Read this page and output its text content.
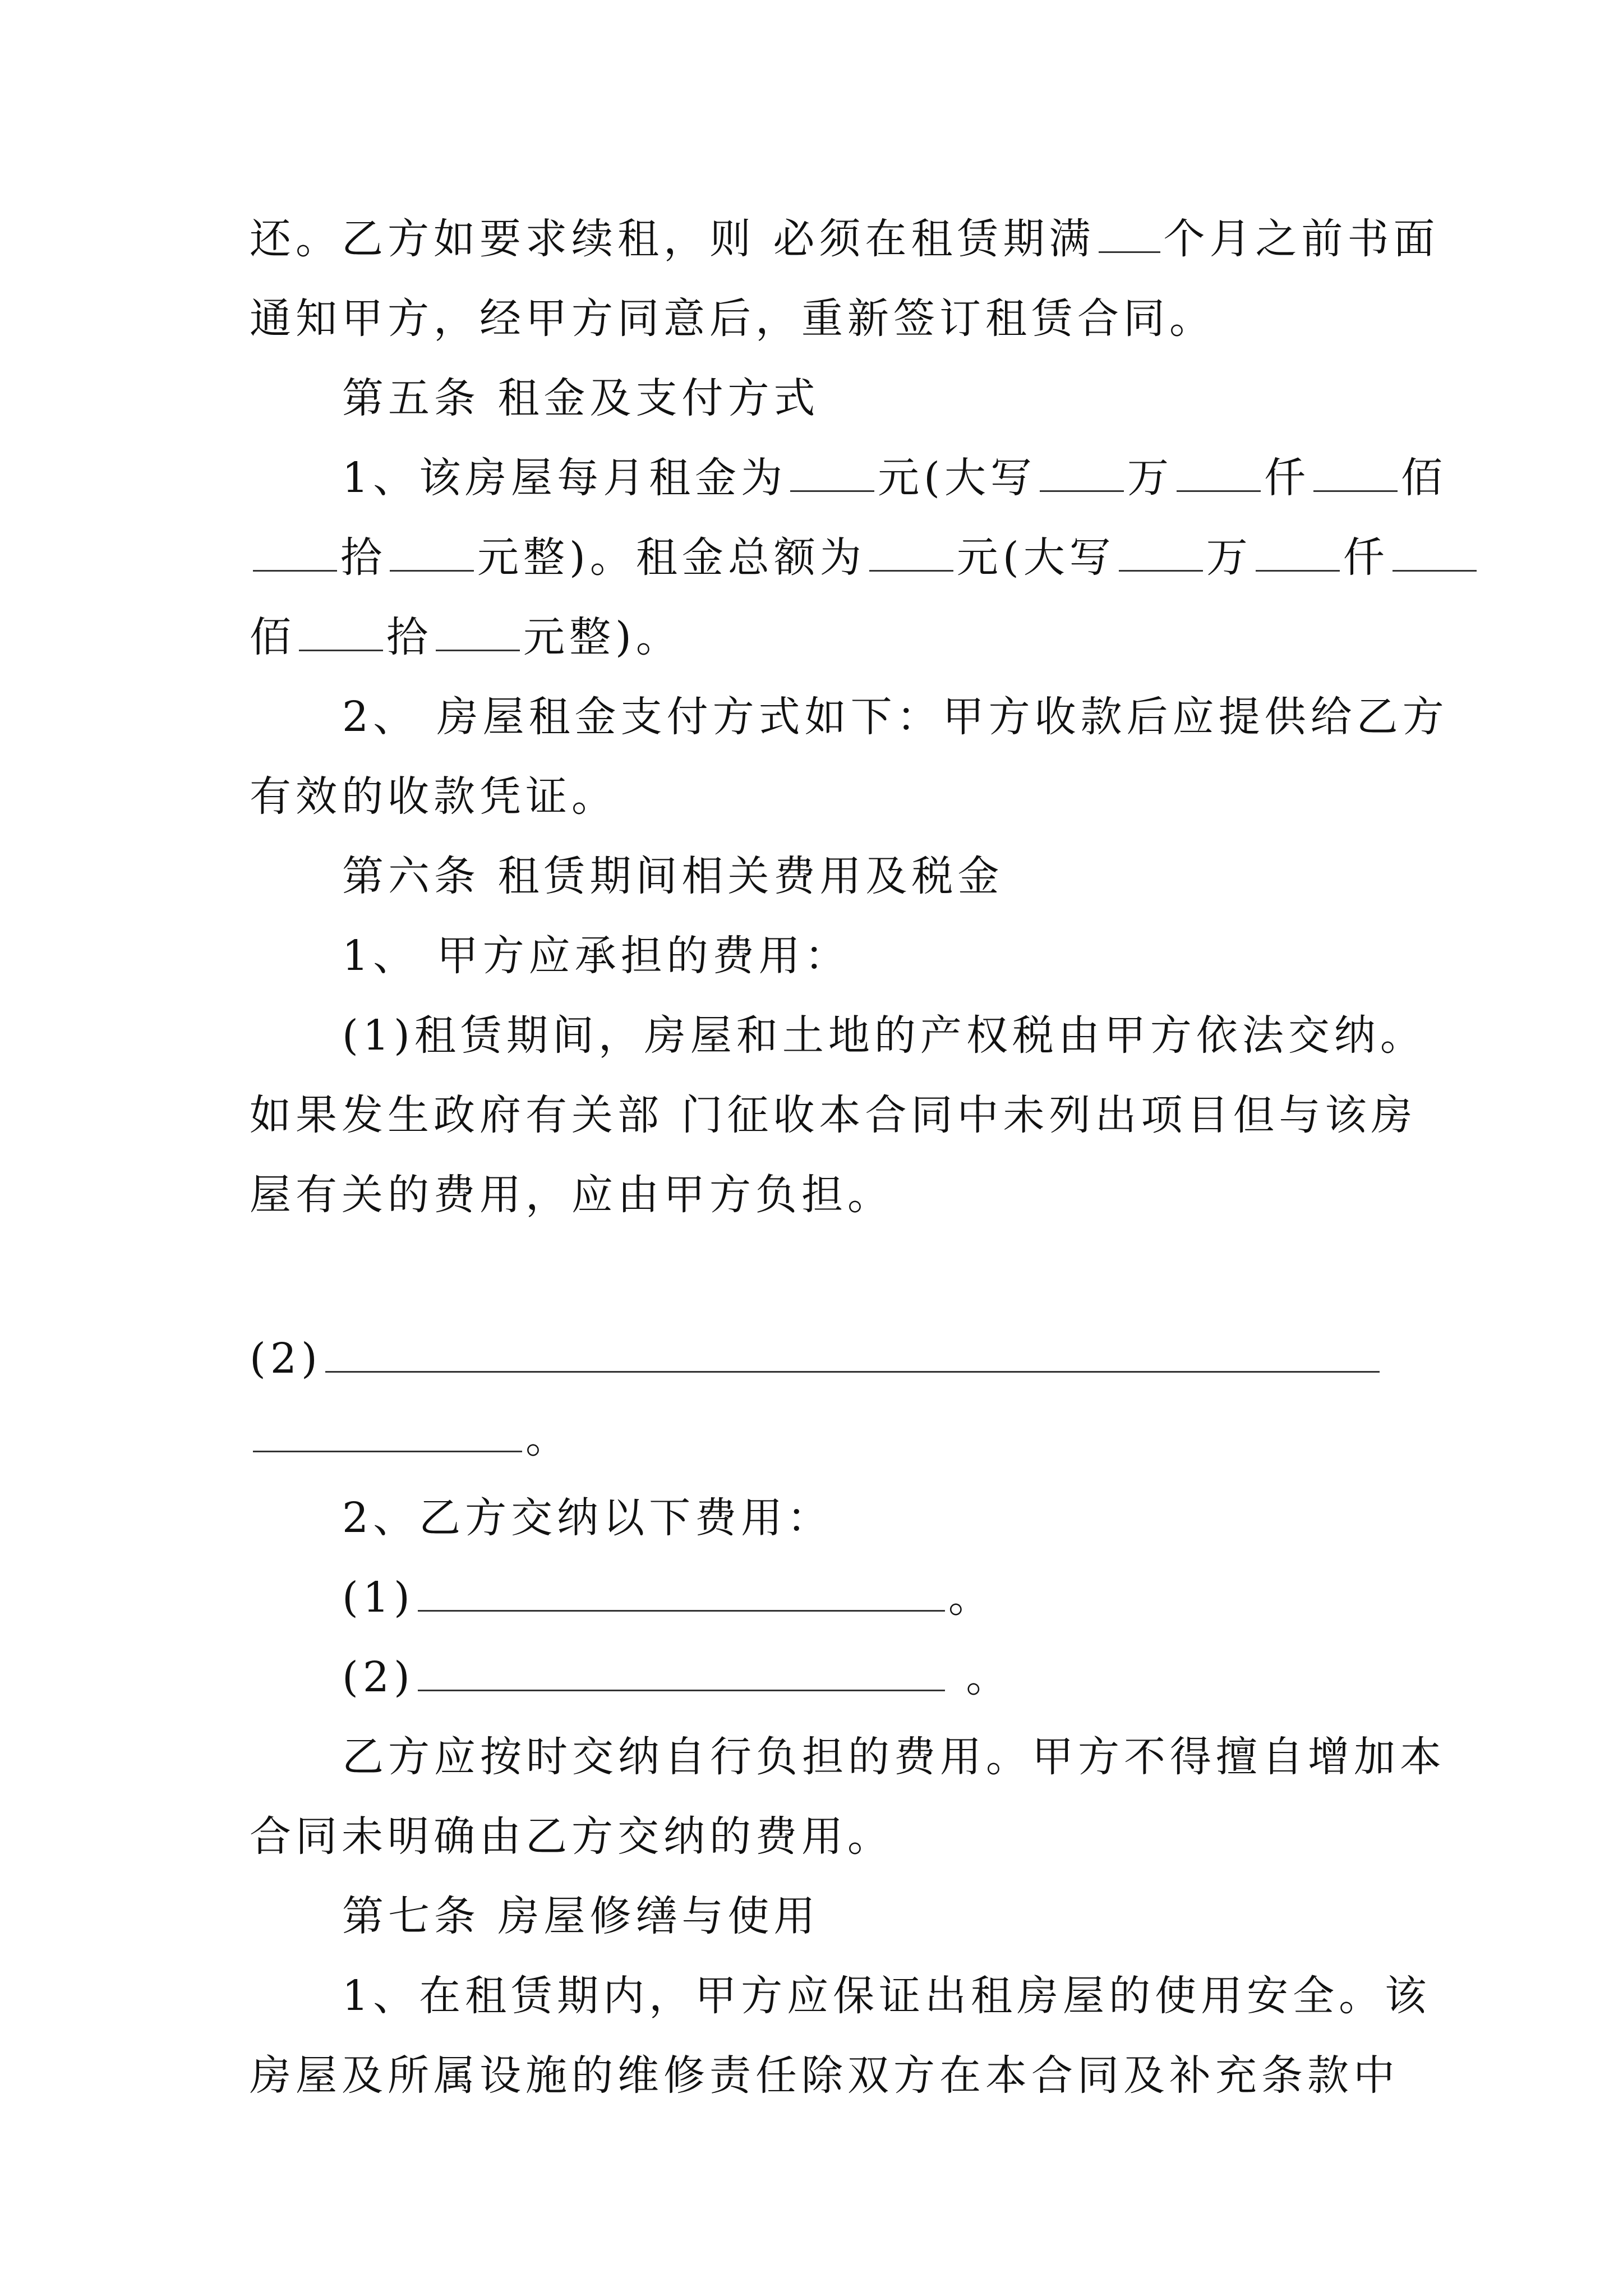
还。乙方如要求续租，则 必须在租赁期满 个月之前书面
通知甲方，经甲方同意后，重新签订租赁合同。
第五条 租金及支付方式
1、该房屋每月租金为 元(大写 万 仟 佰
拾 元整)。租金总额为 元(大写 万 仟
佰 拾 元整)。
2、 房屋租金支付方式如下：甲方收款后应提供给乙方
有效的收款凭证。
第六条 租赁期间相关费用及税金
1、 甲方应承担的费用：
(1)租赁期间，房屋和土地的产权税由甲方依法交纳。
如果发生政府有关部 门征收本合同中未列出项目但与该房
屋有关的费用，应由甲方负担。
(2)
。
2、乙方交纳以下费用：
(1)	。
(2)	。
乙方应按时交纳自行负担的费用。甲方不得擅自增加本
合同未明确由乙方交纳的费用。
第七条 房屋修缮与使用
1、在租赁期内，甲方应保证出租房屋的使用安全。该
房屋及所属设施的维修责任除双方在本合同及补充条款中
